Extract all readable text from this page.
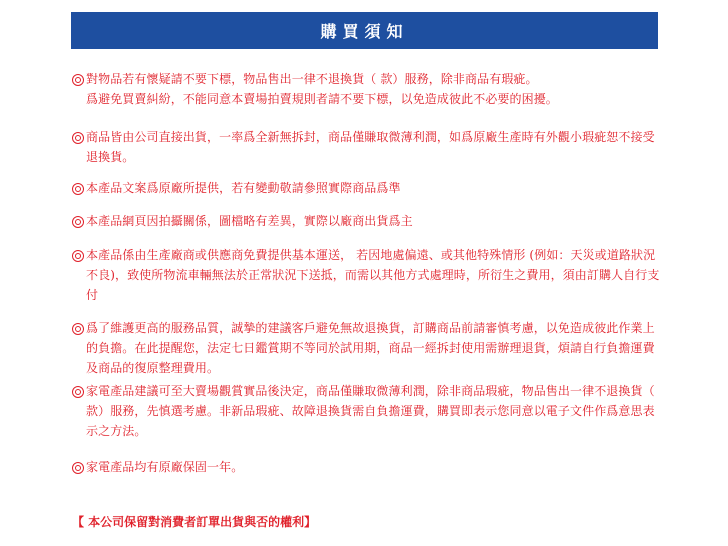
購買須知
對物品若有懷疑請不要下標，物品售出一律不退換貨（ 款）服務，除非商品有瑕疵。
爲避免買賣糾紛，不能同意本賣場拍賣規則者請不要下標，以免造成彼此不必要的困擾。
商品皆由公司直接出貨，一率爲全新無拆封，商品僅賺取微薄利潤，如爲原廠生產時有外觀小瑕疵恕不接受退換貨。
本產品文案爲原廠所提供，若有變動敬請參照實際商品爲準
本產品網頁因拍攝關係，圖檔略有差異，實際以廠商出貨爲主
本產品係由生產廠商或供應商免費提供基本運送， 若因地處偏遠、或其他特殊情形 (例如：天災或道路狀況不良)，致使所物流車輛無法於正常狀況下送抵，而需以其他方式處理時，所衍生之費用，須由訂購人自行支付
爲了維護更高的服務品質，誠摯的建議客戶避免無故退換貨，訂購商品前請審慎考慮，以免造成彼此作業上的負擔。在此提醒您，法定七日鑑賞期不等同於試用期，商品一經拆封使用需辦理退貨，煩請自行負擔運費及商品的復原整理費用。
家電產品建議可至大賣場觀賞實品後決定，商品僅賺取微薄利潤，除非商品瑕疵，物品售出一律不退換貨（ 款）服務，先慎選考慮。非新品瑕疵、故障退換貨需自負擔運費，購買即表示您同意以電子文件作爲意思表示之方法。
家電產品均有原廠保固一年。
【 本公司保留對消費者訂單出貨與否的權利】
